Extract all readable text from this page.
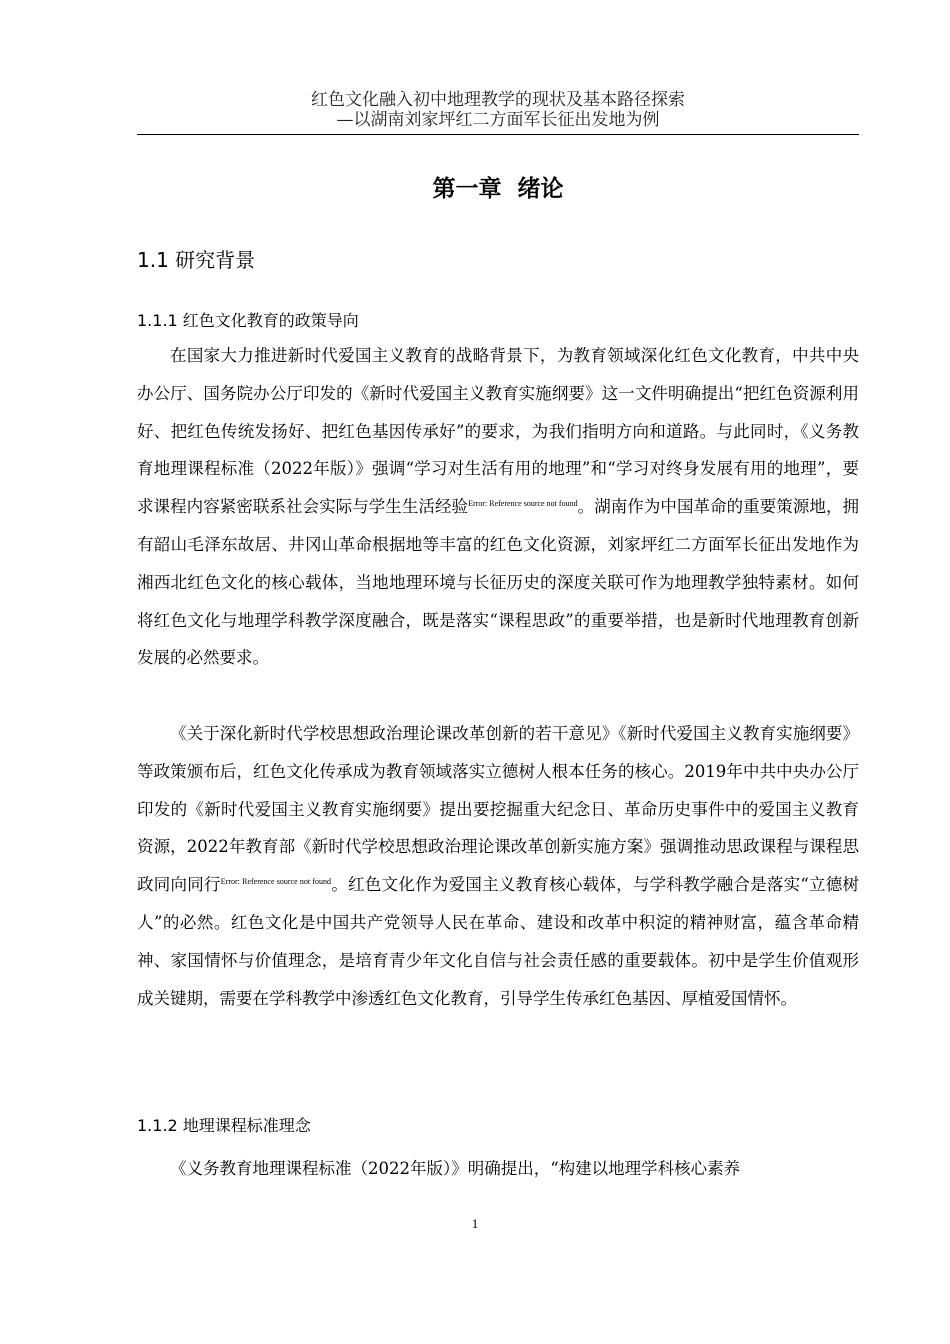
红色文化融入初中地理教学的现状及基本路径探索
—以湖南刘家坪红二方面军长征出发地为例
第一章  绪论
1.1 研究背景
1.1.1 红色文化教育的政策导向

在国家大力推进新时代爱国主义教育的战略背景下，为教育领域深化红色文化教育，中共中央办公厅、国务院办公厅印发的《新时代爱国主义教育实施纲要》这一文件明确提出“把红色资源利用好、把红色传统发扬好、把红色基因传承好”的要求，为我们指明方向和道路。与此同时，《义务教育地理课程标准（2022年版）》强调“学习对生活有用的地理”和“学习对终身发展有用的地理”，要求课程内容紧密联系社会实际与学生生活经验$^{Error: Reference source not found}$。湖南作为中国革命的重要策源地，拥有韶山毛泽东故居、井冈山革命根据地等丰富的红色文化资源，刘家坪红二方面军长征出发地作为湘西北红色文化的核心载体，当地地理环境与长征历史的深度关联可作为地理教学独特素材。如何将红色文化与地理学科教学深度融合，既是落实“课程思政”的重要举措，也是新时代地理教育创新发展的必然要求。

《关于深化新时代学校思想政治理论课改革创新的若干意见》《新时代爱国主义教育实施纲要》等政策颁布后，红色文化传承成为教育领域落实立德树人根本任务的核心。2019年中共中央办公厅印发的《新时代爱国主义教育实施纲要》提出要挖掘重大纪念日、革命历史事件中的爱国主义教育资源，2022年教育部《新时代学校思想政治理论课改革创新实施方案》强调推动思政课程与课程思政同向同行$^{Error: Reference source not found}$。红色文化作为爱国主义教育核心载体，与学科教学融合是落实“立德树人”的必然。红色文化是中国共产党领导人民在革命、建设和改革中积淀的精神财富，蕴含革命精神、家国情怀与价值理念，是培育青少年文化自信与社会责任感的重要载体。初中是学生价值观形成关键期，需要在学科教学中渗透红色文化教育，引导学生传承红色基因、厚植爱国情怀。

1.1.2 地理课程标准理念

《义务教育地理课程标准（2022年版）》明确提出，“构建以地理学科核心素养

1
